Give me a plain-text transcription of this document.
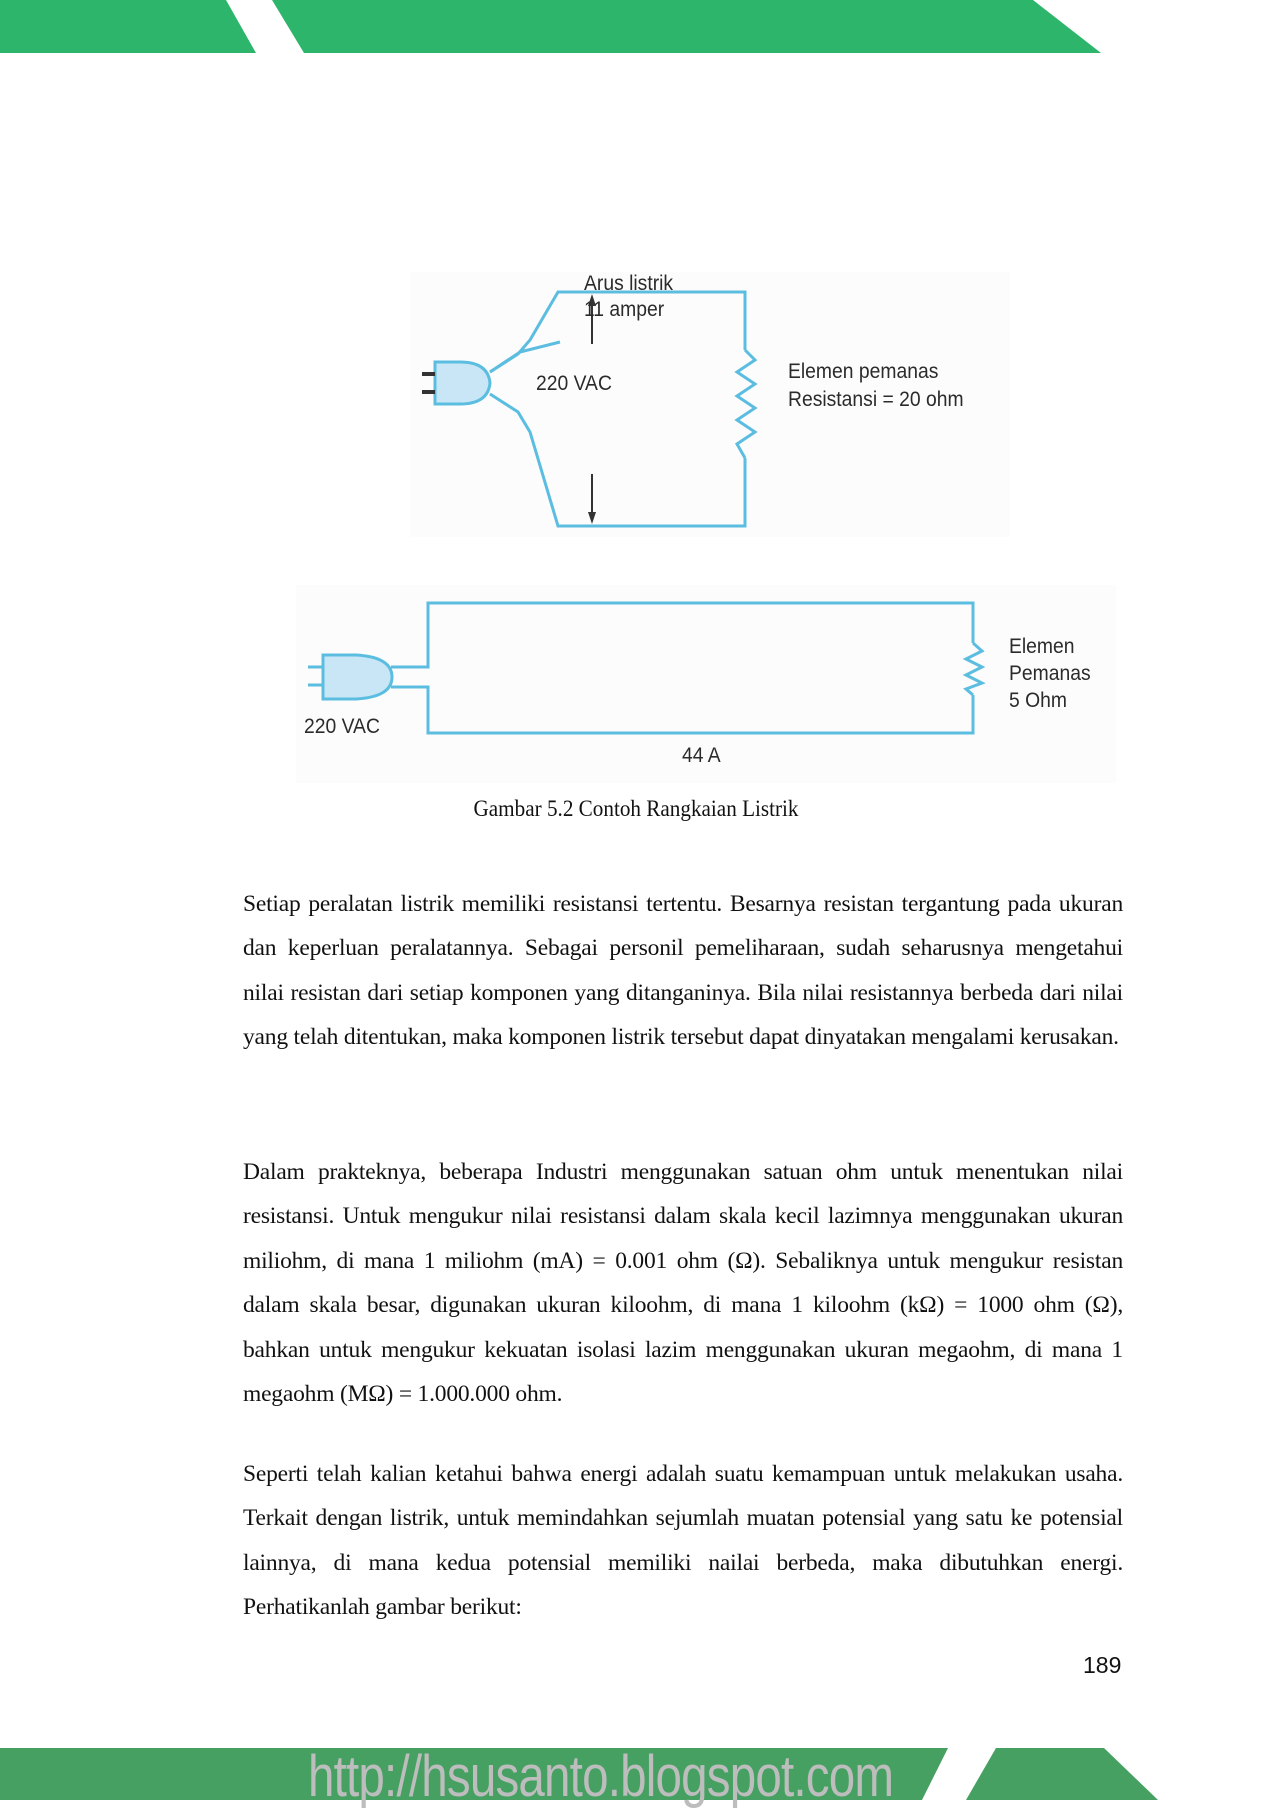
Arus listrik
11 amper
220 VAC
Elemen pemanas
Resistansi = 20 ohm
220 VAC
44 A
Elemen
Pemanas
5 Ohm
Gambar 5.2 Contoh Rangkaian Listrik

Setiap peralatan listrik memiliki resistansi tertentu. Besarnya resistan tergantung pada ukuran dan keperluan peralatannya. Sebagai personil pemeliharaan, sudah seharusnya mengetahui nilai resistan dari setiap komponen yang ditanganinya. Bila nilai resistannya berbeda dari nilai yang telah ditentukan, maka komponen listrik tersebut dapat dinyatakan mengalami kerusakan.

Dalam prakteknya, beberapa Industri menggunakan satuan ohm untuk menentukan nilai resistansi. Untuk mengukur nilai resistansi dalam skala kecil lazimnya menggunakan ukuran miliohm, di mana 1 miliohm (mA) = 0.001 ohm (Ω). Sebaliknya untuk mengukur resistan dalam skala besar, digunakan ukuran kiloohm, di mana 1 kiloohm (kΩ) = 1000 ohm (Ω), bahkan untuk mengukur kekuatan isolasi lazim menggunakan ukuran megaohm, di mana 1 megaohm (MΩ) = 1.000.000 ohm.

Seperti telah kalian ketahui bahwa energi adalah suatu kemampuan untuk melakukan usaha. Terkait dengan listrik, untuk memindahkan sejumlah muatan potensial yang satu ke potensial lainnya, di mana kedua potensial memiliki nailai berbeda, maka dibutuhkan energi. Perhatikanlah gambar berikut:

189
http://hsusanto.blogspot.com
